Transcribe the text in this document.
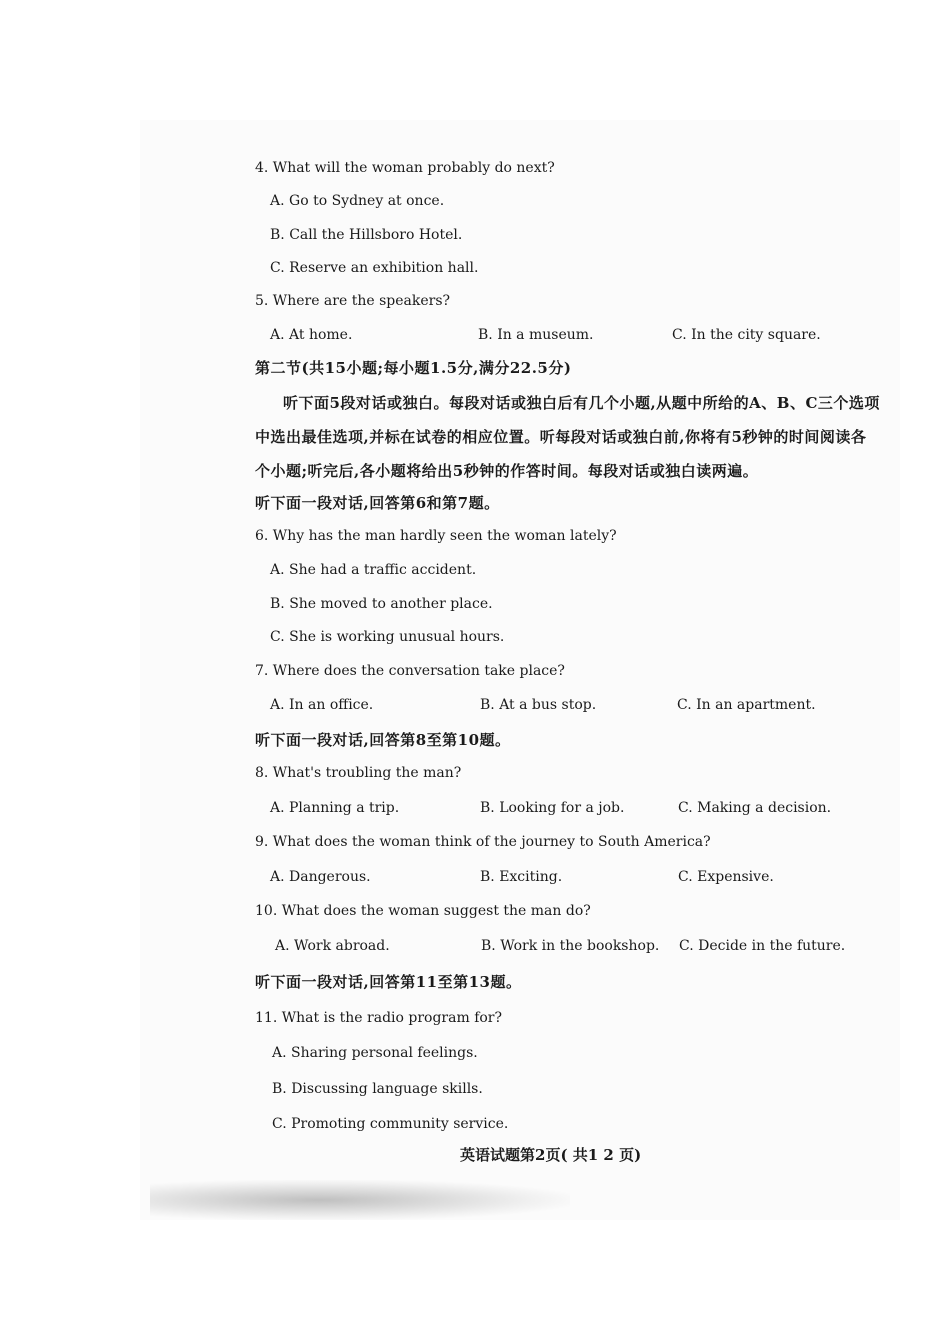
4. What will the woman probably do next?
A. Go to Sydney at once.
B. Call the Hillsboro Hotel.
C. Reserve an exhibition hall.
5. Where are the speakers?
A. At home.	B. In a museum.	C. In the city square.
第二节(共15小题;每小题1.5分,满分22.5分)
听下面5段对话或独白。每段对话或独白后有几个小题,从题中所给的A、B、C三个选项
中选出最佳选项,并标在试卷的相应位置。听每段对话或独白前,你将有5秒钟的时间阅读各
个小题;听完后,各小题将给出5秒钟的作答时间。每段对话或独白读两遍。
听下面一段对话,回答第6和第7题。
6. Why has the man hardly seen the woman lately?
A. She had a traffic accident.
B. She moved to another place.
C. She is working unusual hours.
7. Where does the conversation take place?
A. In an office.	B. At a bus stop.	C. In an apartment.
听下面一段对话,回答第8至第10题。
8. What's troubling the man?
A. Planning a trip.	B. Looking for a job.	C. Making a decision.
9. What does the woman think of the journey to South America?
A. Dangerous.	B. Exciting.	C. Expensive.
10. What does the woman suggest the man do?
A. Work abroad.	B. Work in the bookshop. C. Decide in the future.
听下面一段对话,回答第11至第13题。
11. What is the radio program for?
A. Sharing personal feelings.
B. Discussing language skills.
C. Promoting community service.
英语试题第2页( 共1 2 页)
